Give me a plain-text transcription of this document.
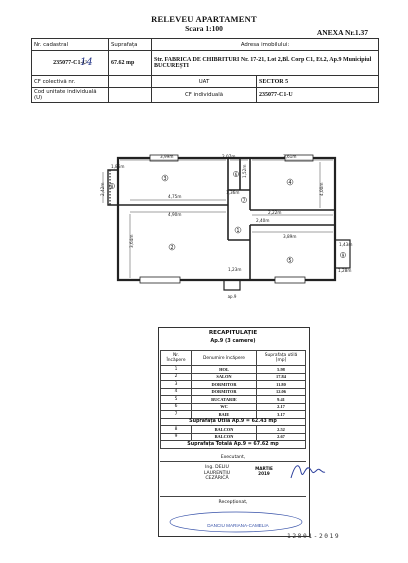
RELEVEU APARTAMENT
Scara 1:100	ANEXA Nr.1.37
Nr. cadastral	Suprafața	Adresa imobilului:	
235077-C1-U	67.62 mp	Str. FABRICA DE CHIBRITURI Nr. 17-21, Lot 2,Bl. Corp C1, Et.2, Ap.9 Municipiul BUCUREȘTI	
CF colectivă nr.		UAT	SECTOR 5
Cod unitate individuală (U)		CF individuală	235077-C1-U
14
3,99m	2,07m	3,61m
1,86m
1,36m
4,75m
4,90m	2,22m
2,40m
3,89m
3,64m
4,00m
1,43m
1,23m
1,52m
2,42m
1,28m
1
2
3
4
5
6
7
8
9
ap.9
RECAPITULAȚIE
Ap.9 (3 camere)
Nr. Încăpere	Denumire încăpere	Suprafața utilă [mp]
1	HOL	5.98
2	SALON	17.84
3	DORMITOR	11.80
4	DORMITOR	12.06
5	BUCATARIE	9.41
6	WC	2.17
7	BAIE	3.17
Suprafața Utilă Ap.9 = 62.43 mp		
8	BALCON	2.52
9	BALCON	2.67
Suprafața Totală Ap.9 = 67.62 mp		
Executant,
Ing. DELIU LAURENȚIU CEZĂRICĂ
MARTIE 2019
Recepționat,
DANCIU MARIANA-CAMELIA
12801-2019
